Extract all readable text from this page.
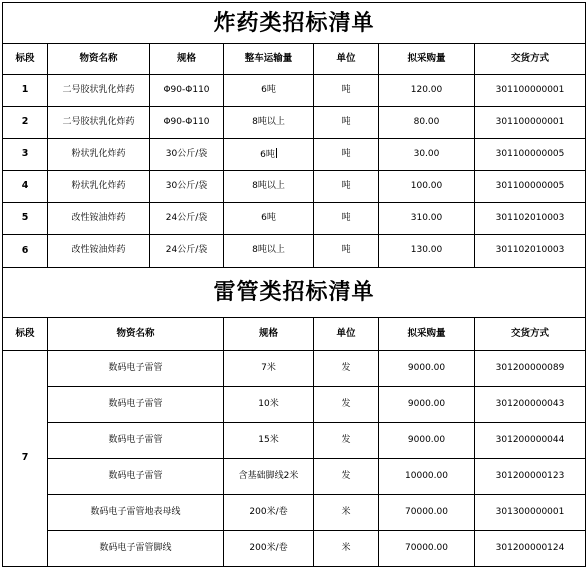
炸药类招标清单						
标段	物资名称	规格	整车运输量	单位	拟采购量	交货方式
1	二号胶状乳化炸药	Φ90-Φ110	6吨	吨	120.00	301100000001
2	二号胶状乳化炸药	Φ90-Φ110	8吨以上	吨	80.00	301100000001
3	粉状乳化炸药	30公斤/袋	6吨	吨	30.00	301100000005
4	粉状乳化炸药	30公斤/袋	8吨以上	吨	100.00	301100000005
5	改性铵油炸药	24公斤/袋	6吨	吨	310.00	301102010003
6	改性铵油炸药	24公斤/袋	8吨以上	吨	130.00	301102010003
雷管类招标清单					
标段	物资名称	规格	单位	拟采购量	交货方式
7	数码电子雷管	7米	发	9000.00	301200000089
	数码电子雷管	10米	发	9000.00	301200000043
	数码电子雷管	15米	发	9000.00	301200000044
	数码电子雷管	含基础脚线2米	发	10000.00	301200000123
	数码电子雷管地表母线	200米/卷	米	70000.00	301300000001
	数码电子雷管脚线	200米/卷	米	70000.00	301200000124
